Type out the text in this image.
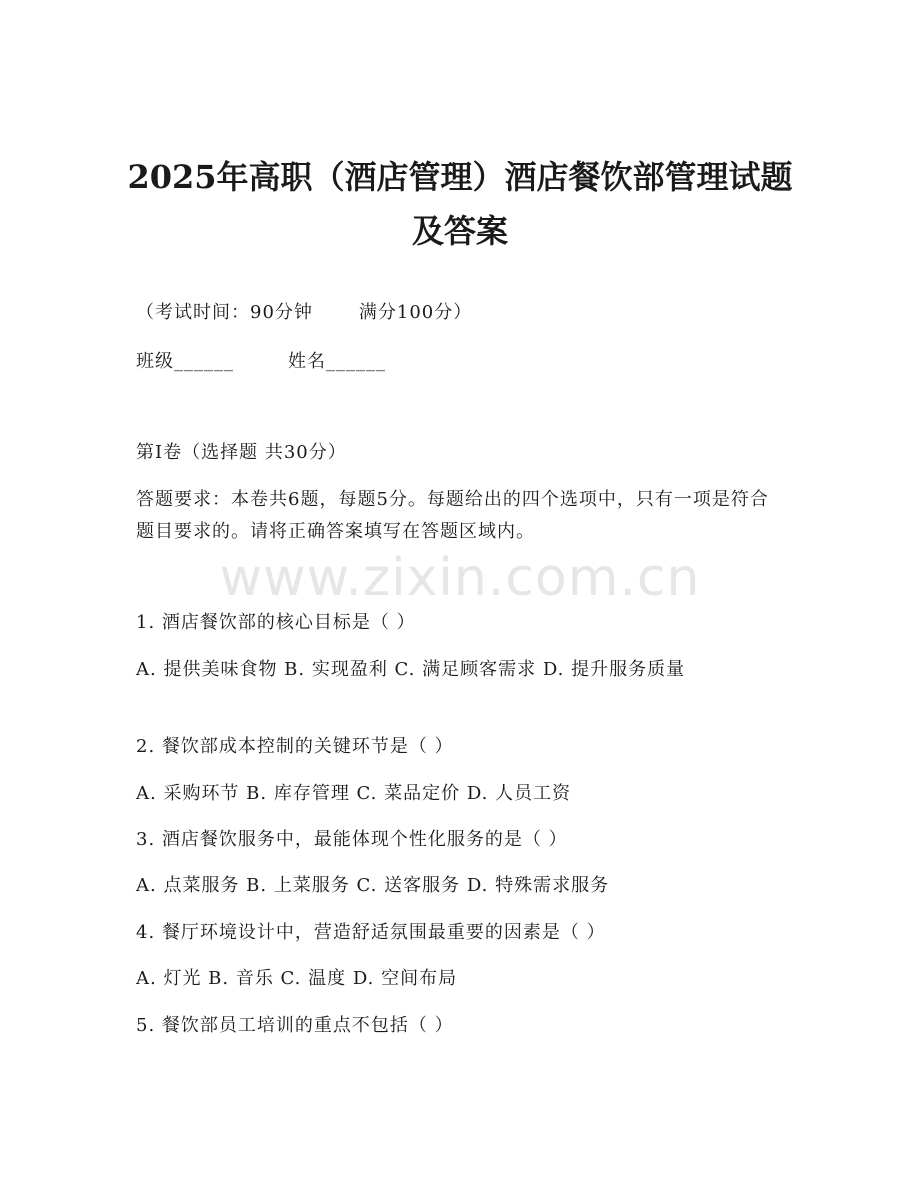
2025年高职（酒店管理）酒店餐饮部管理试题及答案
（考试时间：90分钟	满分100分）
班级______	姓名______
第I卷（选择题 共30分）
答题要求：本卷共6题，每题5分。每题给出的四个选项中，只有一项是符合题目要求的。请将正确答案填写在答题区域内。
www.zixin.com.cn
1. 酒店餐饮部的核心目标是（ ）
A. 提供美味食物 B. 实现盈利 C. 满足顾客需求 D. 提升服务质量
2. 餐饮部成本控制的关键环节是（ ）
A. 采购环节 B. 库存管理 C. 菜品定价 D. 人员工资
3. 酒店餐饮服务中，最能体现个性化服务的是（ ）
A. 点菜服务 B. 上菜服务 C. 送客服务 D. 特殊需求服务
4. 餐厅环境设计中，营造舒适氛围最重要的因素是（ ）
A. 灯光 B. 音乐 C. 温度 D. 空间布局
5. 餐饮部员工培训的重点不包括（ ）
